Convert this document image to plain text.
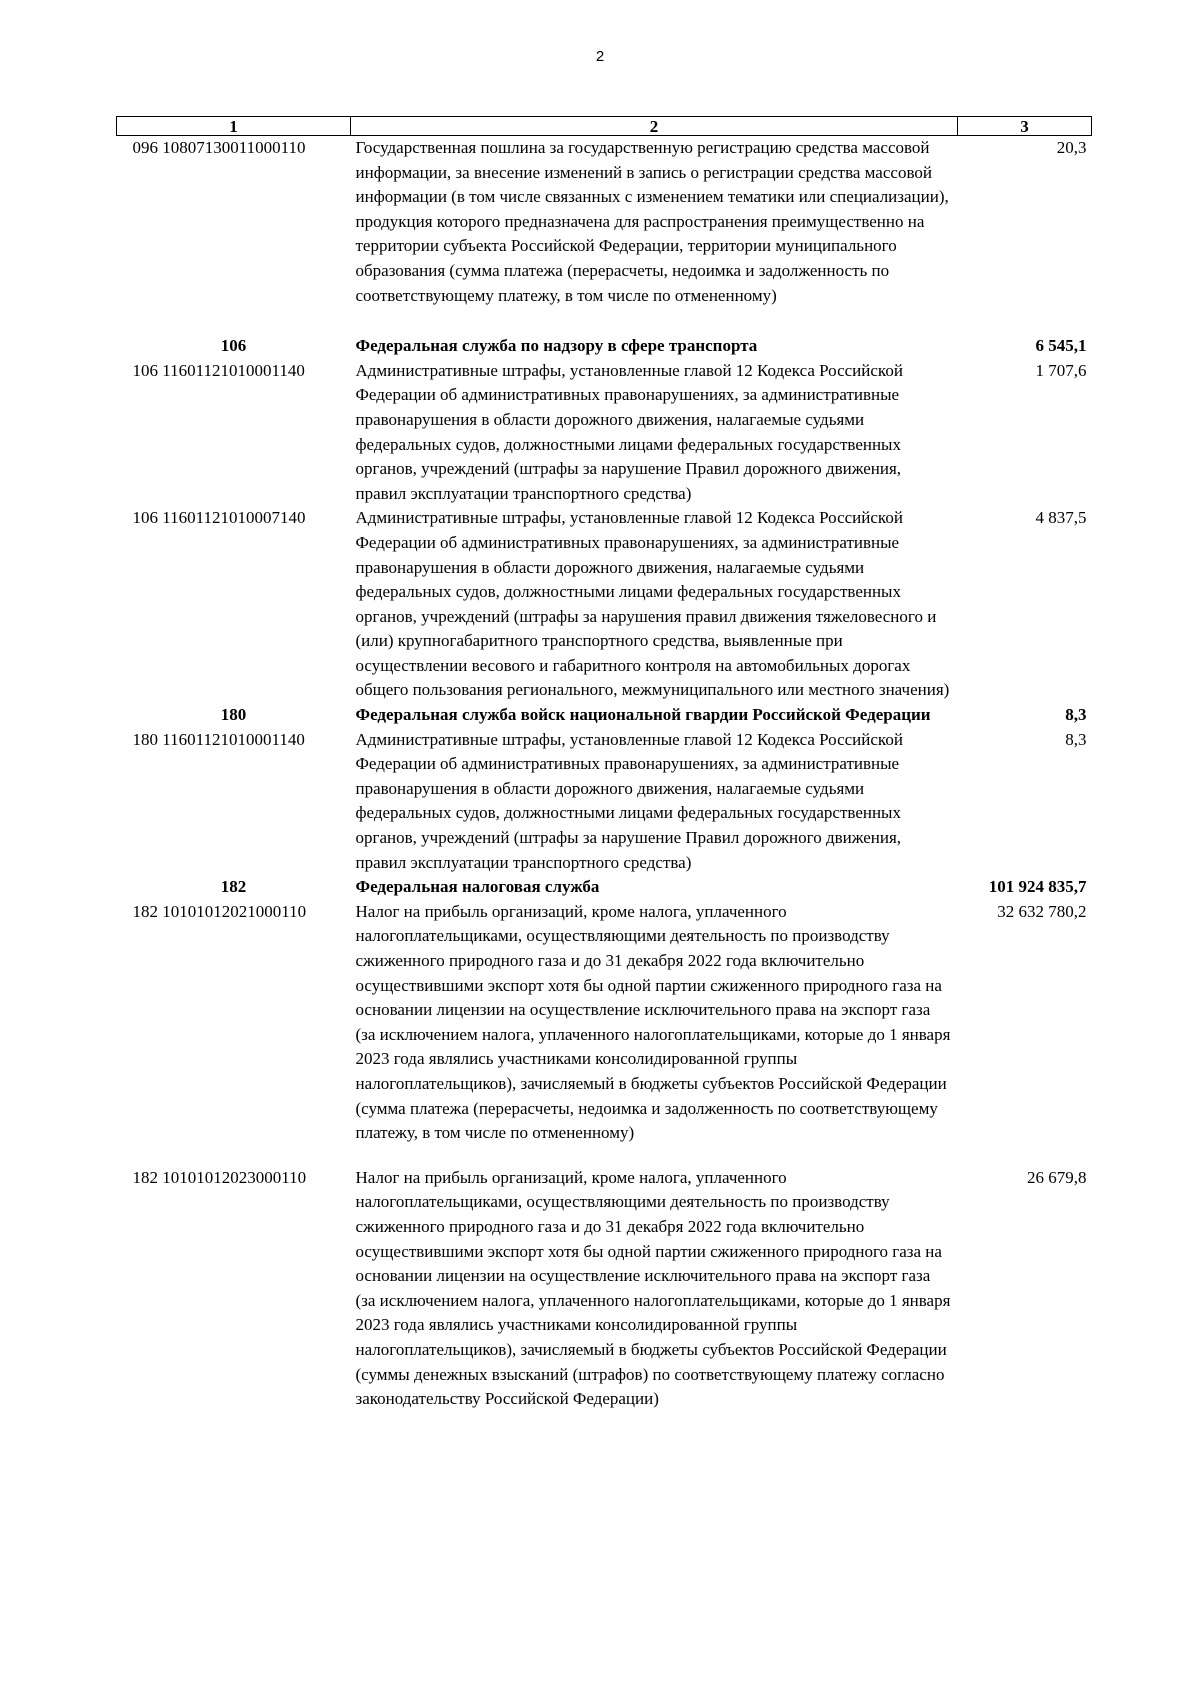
2
1	2	3
096 10807130011000110	Государственная пошлина за государственную регистрацию средства массовой информации, за внесение изменений в запись о регистрации средства массовой информации (в том числе связанных с изменением тематики или специализации), продукция которого предназначена для распространения преимущественно на территории субъекта Российской Федерации, территории муниципального образования (сумма платежа (перерасчеты, недоимка и задолженность по соответствующему платежу, в том числе по отмененному)	20,3
106	Федеральная служба по надзору в сфере транспорта	6 545,1
106 11601121010001140	Административные штрафы, установленные главой 12 Кодекса Российской Федерации об административных правонарушениях, за административные правонарушения в области дорожного движения, налагаемые судьями федеральных судов, должностными лицами федеральных государственных органов, учреждений (штрафы за нарушение Правил дорожного движения, правил эксплуатации транспортного средства)	1 707,6
106 11601121010007140	Административные штрафы, установленные главой 12 Кодекса Российской Федерации об административных правонарушениях, за административные правонарушения в области дорожного движения, налагаемые судьями федеральных судов, должностными лицами федеральных государственных органов, учреждений (штрафы за нарушения правил движения тяжеловесного и (или) крупногабаритного транспортного средства, выявленные при осуществлении весового и габаритного контроля на автомобильных дорогах общего пользования регионального, межмуниципального или местного значения)	4 837,5
180	Федеральная служба войск национальной гвардии Российской Федерации	8,3
180 11601121010001140	Административные штрафы, установленные главой 12 Кодекса Российской Федерации об административных правонарушениях, за административные правонарушения в области дорожного движения, налагаемые судьями федеральных судов, должностными лицами федеральных государственных органов, учреждений (штрафы за нарушение Правил дорожного движения, правил эксплуатации транспортного средства)	8,3
182	Федеральная налоговая служба	101 924 835,7
182 10101012021000110	Налог на прибыль организаций, кроме налога, уплаченного налогоплательщиками, осуществляющими деятельность по производству сжиженного природного газа и до 31 декабря 2022 года включительно осуществившими экспорт хотя бы одной партии сжиженного природного газа на основании лицензии на осуществление исключительного права на экспорт газа (за исключением налога, уплаченного налогоплательщиками, которые до 1 января 2023 года являлись участниками консолидированной группы налогоплательщиков), зачисляемый в бюджеты субъектов Российской Федерации (сумма платежа (перерасчеты, недоимка и задолженность по соответствующему платежу, в том числе по отмененному)	32 632 780,2
182 10101012023000110	Налог на прибыль организаций, кроме налога, уплаченного налогоплательщиками, осуществляющими деятельность по производству сжиженного природного газа и до 31 декабря 2022 года включительно осуществившими экспорт хотя бы одной партии сжиженного природного газа на основании лицензии на осуществление исключительного права на экспорт газа (за исключением налога, уплаченного налогоплательщиками, которые до 1 января 2023 года являлись участниками консолидированной группы налогоплательщиков), зачисляемый в бюджеты субъектов Российской Федерации (суммы денежных взысканий (штрафов) по соответствующему платежу согласно законодательству Российской Федерации)	26 679,8
